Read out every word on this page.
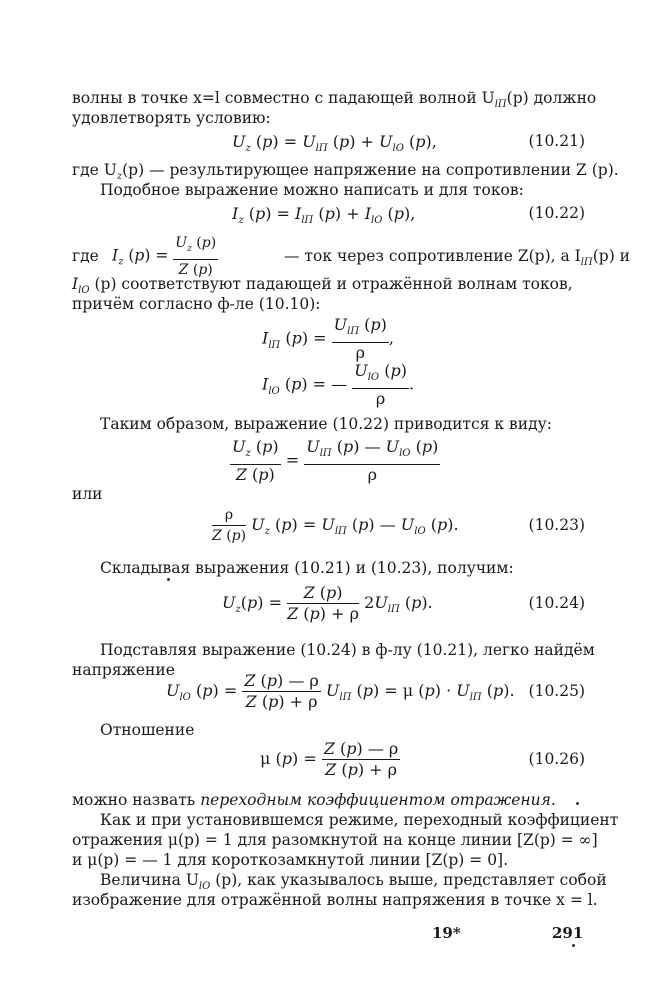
волны в точке x=l совместно с падающей волной $U_{lП}(p)$ должно
удовлетворять условию:
$U_z$ $(p) = U_{lП}$ $(p) + U_{lO}$ (p),	(10.21)
где $U_z(p)$ — результирующее напряжение на сопротивлении Z (p).
Подобное выражение можно написать и для токов:
$I_z$ $(p) = I_{lП}$ $(p) + I_{lO}$ (p),	(10.22)
где $I_z$ $(p) = \frac{U_z (p)}{Z (p)}$	— ток через сопротивление Z(p), а $I_{lП}(p)$ и
$I_{lO}$ (p) соответствуют падающей и отражённой волнам токов,
причём согласно ф-ле (10.10):
$I_{lП}$ $(p) = \frac{U_{lП} (p)}{\rho}$ ,
$I_{lO}$ (p) = — $\frac{U_{lO} (p)}{\rho}$ .
Таким образом, выражение (10.22) приводится к виду:
$\frac{U_z (p)}{Z (p)} = \frac{U_{lП} (p) — U_{lO} (p)}{\rho}$
или
$\frac{\rho}{Z (p)} U_z$ $(p) = U_{lП}$ (p) — $U_{lO}$ (p).	(10.23)
Складывая выражения (10.21) и (10.23), получим:
$U_z(p) = \frac{Z (p)}{Z (p) + \rho} 2U_{lП}$ (p).	(10.24)
Подставляя выражение (10.24) в ф-лу (10.21), легко найдём
напряжение
$U_{lO}$ $(p) = \frac{Z (p) — \rho}{Z (p) + \rho} U_{lП}$ (p) = μ $(p) \cdot U_{lП}$ (p). (10.25)
Отношение
μ $(p) = \frac{Z (p) — \rho}{Z (p) + \rho}$	(10.26)
можно назвать переходным коэффициентом отражения.
Как и при установившемся режиме, переходный коэффициент
отражения μ(p) = 1 для разомкнутой на конце линии [Z(p) = ∞]
и μ(p) = — 1 для короткозамкнутой линии [Z(p) = 0].
Величина $U_{lO}$ (p), как указывалось выше, представляет собой
изображение для отражённой волны напряжения в точке x = l.
19*	291
